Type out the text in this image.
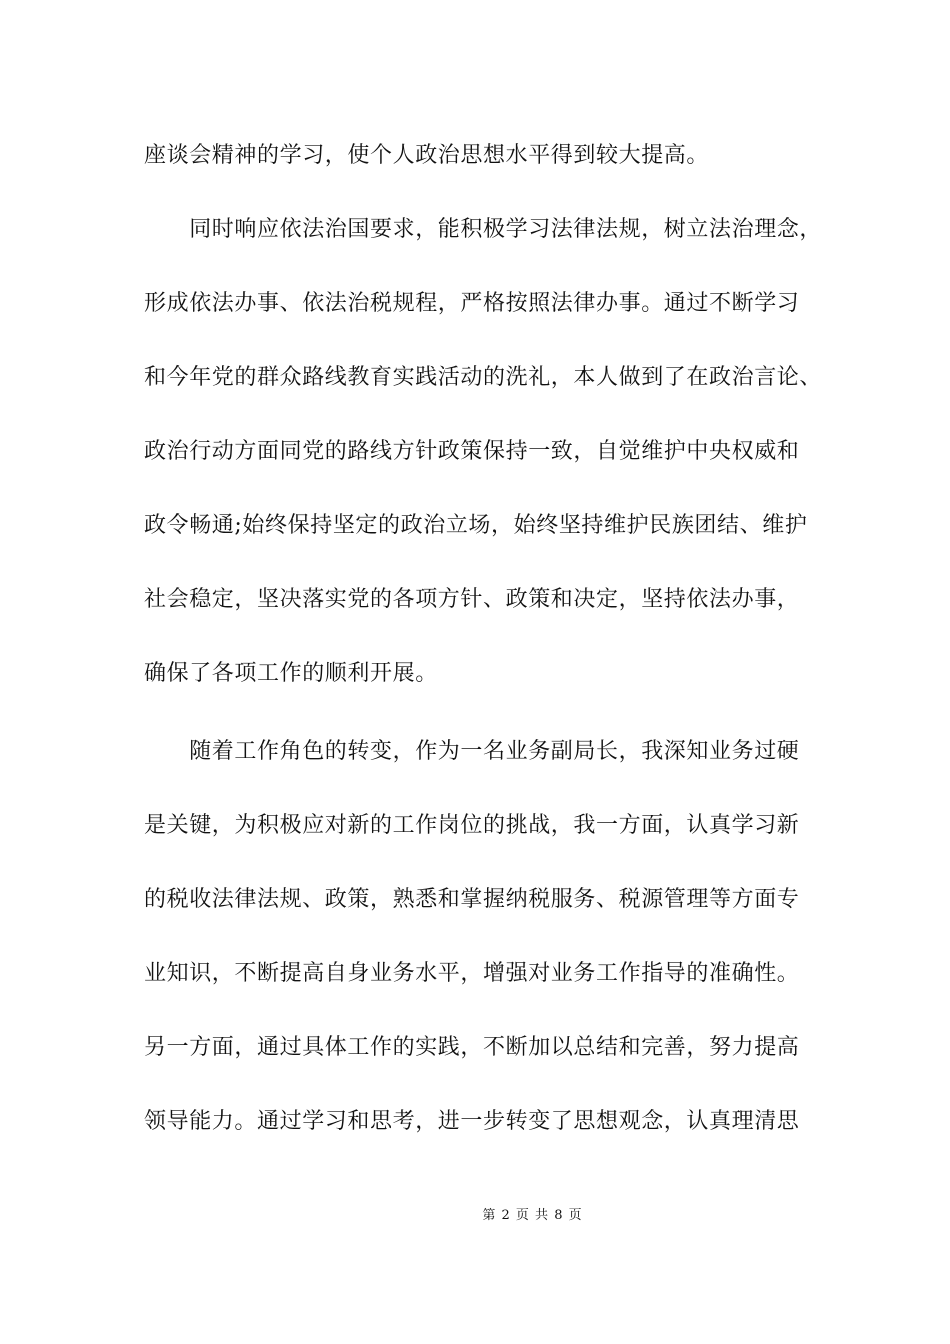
座谈会精神的学习，使个人政治思想水平得到较大提高。
　　同时响应依法治国要求，能积极学习法律法规，树立法治理念，
形成依法办事、依法治税规程，严格按照法律办事。通过不断学习
和今年党的群众路线教育实践活动的洗礼，本人做到了在政治言论、
政治行动方面同党的路线方针政策保持一致，自觉维护中央权威和
政令畅通;始终保持坚定的政治立场，始终坚持维护民族团结、维护
社会稳定，坚决落实党的各项方针、政策和决定，坚持依法办事，
确保了各项工作的顺利开展。
　　随着工作角色的转变，作为一名业务副局长，我深知业务过硬
是关键，为积极应对新的工作岗位的挑战，我一方面，认真学习新
的税收法律法规、政策，熟悉和掌握纳税服务、税源管理等方面专
业知识，不断提高自身业务水平，增强对业务工作指导的准确性。
另一方面，通过具体工作的实践，不断加以总结和完善，努力提高
领导能力。通过学习和思考，进一步转变了思想观念，认真理清思
第 2 页 共 8 页
